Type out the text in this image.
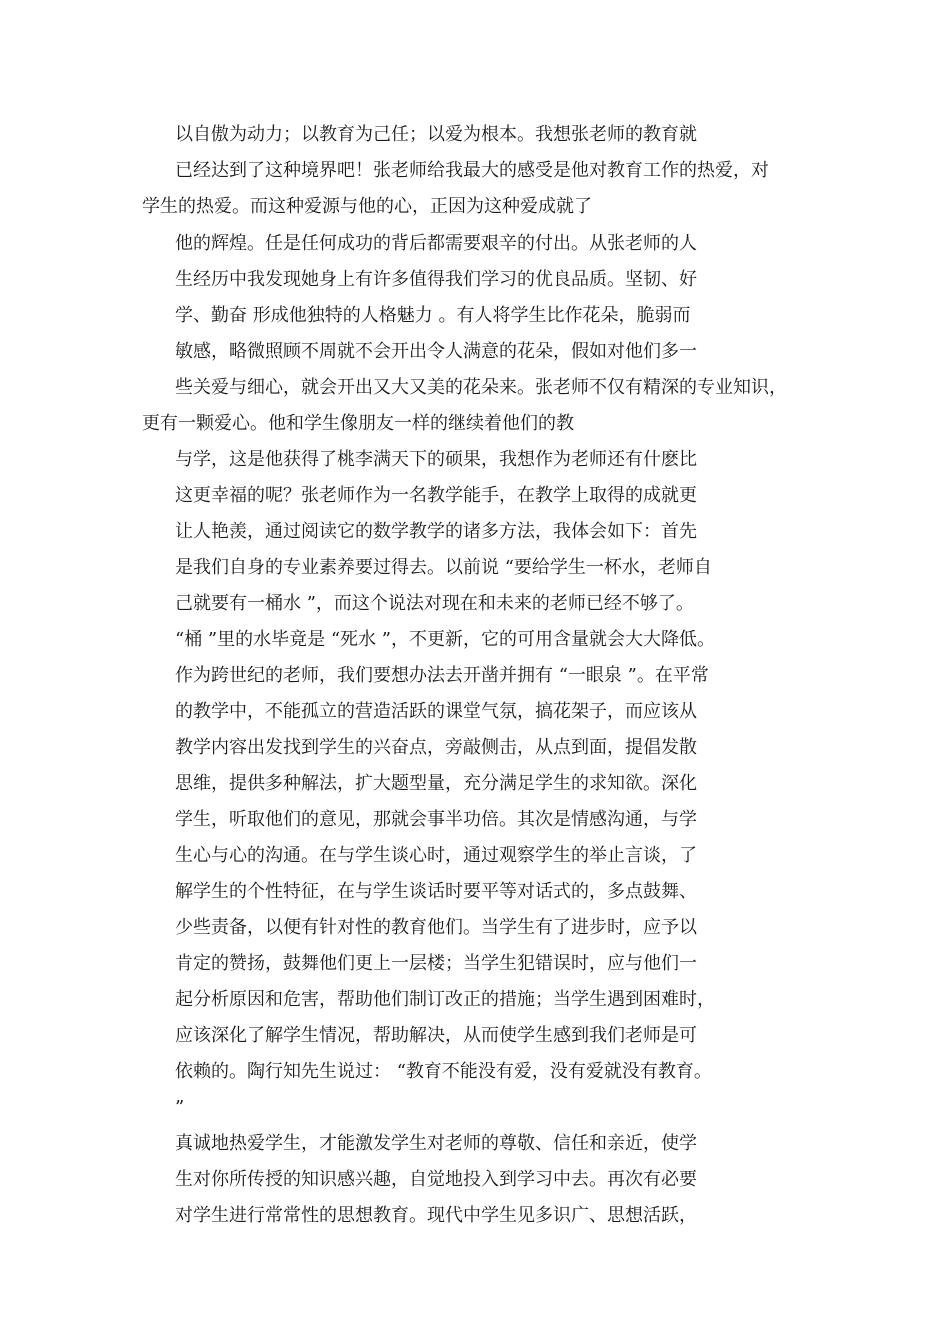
以自傲为动力；以教育为己任；以爱为根本。我想张老师的教育就

已经达到了这种境界吧！张老师给我最大的感受是他对教育工作的热爱，对

学生的热爱。而这种爱源与他的心，正因为这种爱成就了

他的辉煌。任是任何成功的背后都需要艰辛的付出。从张老师的人

生经历中我发现她身上有许多值得我们学习的优良品质。坚韧、好

学、勤奋 形成他独特的人格魅力 。有人将学生比作花朵，脆弱而

敏感，略微照顾不周就不会开出令人满意的花朵，假如对他们多一

些关爱与细心，就会开出又大又美的花朵来。张老师不仅有精深的专业知识，

更有一颗爱心。他和学生像朋友一样的继续着他们的教

与学，这是他获得了桃李满天下的硕果，我想作为老师还有什麽比

这更幸福的呢？张老师作为一名教学能手，在教学上取得的成就更

让人艳羡，通过阅读它的数学教学的诸多方法，我体会如下：首先

是我们自身的专业素养要过得去。以前说 “要给学生一杯水，老师自

己就要有一桶水 ”，而这个说法对现在和未来的老师已经不够了。

“桶 ”里的水毕竟是 “死水 ”，不更新，它的可用含量就会大大降低。

作为跨世纪的老师，我们要想办法去开凿并拥有 “一眼泉 ”。在平常

的教学中，不能孤立的营造活跃的课堂气氛，搞花架子，而应该从

教学内容出发找到学生的兴奋点，旁敲侧击，从点到面，提倡发散

思维，提供多种解法，扩大题型量，充分满足学生的求知欲。深化

学生，听取他们的意见，那就会事半功倍。其次是情感沟通，与学

生心与心的沟通。在与学生谈心时，通过观察学生的举止言谈，了

解学生的个性特征，在与学生谈话时要平等对话式的，多点鼓舞、

少些责备，以便有针对性的教育他们。当学生有了进步时，应予以

肯定的赞扬，鼓舞他们更上一层楼；当学生犯错误时，应与他们一

起分析原因和危害，帮助他们制订改正的措施；当学生遇到困难时，

应该深化了解学生情况，帮助解决，从而使学生感到我们老师是可

依赖的。陶行知先生说过： “教育不能没有爱，没有爱就没有教育。

”

真诚地热爱学生，才能激发学生对老师的尊敬、信任和亲近，使学

生对你所传授的知识感兴趣，自觉地投入到学习中去。再次有必要

对学生进行常常性的思想教育。现代中学生见多识广、思想活跃，
